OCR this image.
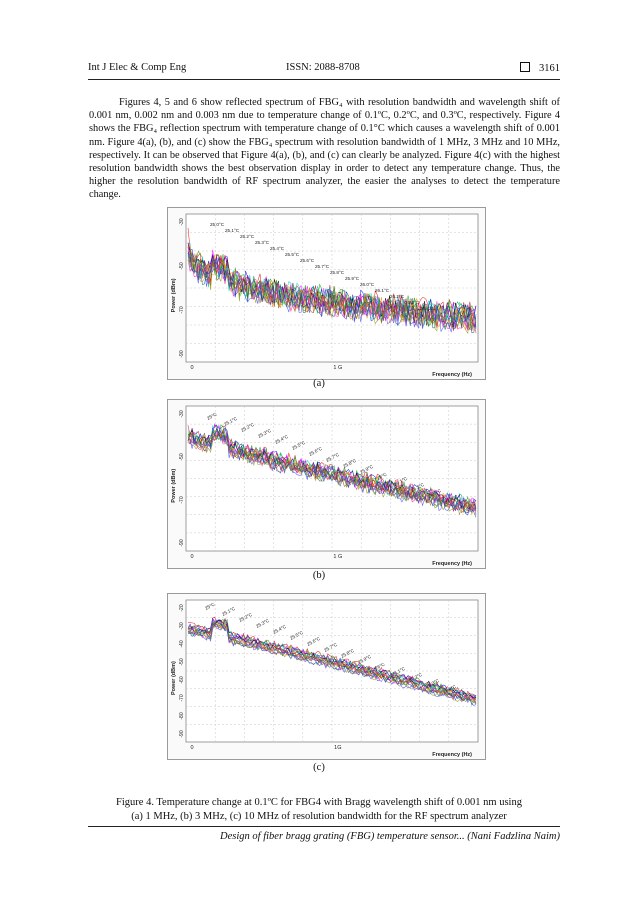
Int J Elec & Comp Eng	ISSN: 2088-8708	3161

Figures 4, 5 and 6 show reflected spectrum of FBG₄ with resolution bandwidth and wavelength shift of 0.001 nm, 0.002 nm and 0.003 nm due to temperature change of 0.1ºC, 0.2ºC, and 0.3ºC, respectively. Figure 4 shows the FBG₄ reflection spectrum with temperature change of 0.1°C which causes a wavelength shift of 0.001 nm. Figure 4(a), (b), and (c) show the FBG₄ spectrum with resolution bandwidth of 1 MHz, 3 MHz and 10 MHz, respectively. It can be observed that Figure 4(a), (b), and (c) can clearly be analyzed. Figure 4(c) with the highest resolution bandwidth shows the best observation display in order to detect any temperature change. Thus, the higher the resolution bandwidth of RF spectrum analyzer, the easier the analyses to detect the temperature change.

25.0°C
25.1°C
25.2°C
25.3°C
25.4°C
25.5°C
25.6°C
25.7°C
25.8°C
25.9°C
26.0°C
26.1°C
26.2°C
26.3°C
26.4°C
-30
-50
-70
-90
Power (dBm)
0	1 G
Frequency (Hz)
(a)
25°C 25.1°C
25.2°C
25.3°C
25.4°C
25.5°C
25.6°C
25.7°C
25.8°C
25.9°C
26°C 26.1°C
26.2°C
26.3°C
26.4°C
-30
-50
-70
-90
Power (dBm)
0	1 G
Frequency (Hz)
(b)
25°C 25.1°C
25.2°C
25.3°C
25.4°C
25.5°C
25.6°C
25.7°C
25.8°C
25.9°C
26°C 26.1°C
26.2°C
26.3°C
26.4°C
-20
-30
-40
-50
-60
-70
-80
-90
Power (dBm)
0	1G
Frequency (Hz)
(c)
Figure 4. Temperature change at 0.1ºC for FBG4 with Bragg wavelength shift of 0.001 nm using
(a) 1 MHz, (b) 3 MHz, (c) 10 MHz of resolution bandwidth for the RF spectrum analyzer
Design of fiber bragg grating (FBG) temperature sensor... (Nani Fadzlina Naim)
